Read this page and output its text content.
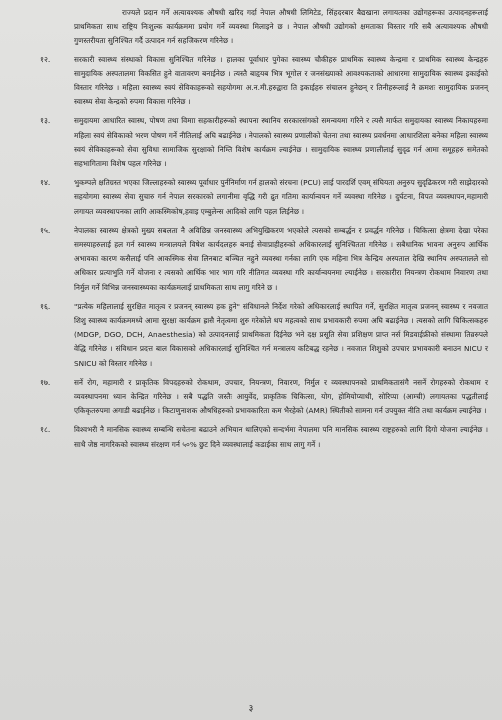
राज्यले प्रदान गर्ने अत्यावश्यक औषधी खरिद गर्दा नेपाल औषधी लिमिटेड, सिंहदरबार बैद्यखाना लगायतका उद्योगहरूका उत्पादनहरूलाई प्राथमिकता साथ राष्ट्रिय निःशुल्क कार्यक्रममा प्रयोग गर्ने व्यवस्था मिलाइने छ । नेपाल औषधी उद्योगको क्षमताका विस्तार गरि सबै अत्यावश्यक औषधी गुणस्तरीयता सुनिश्चित गर्दै उत्पादन गर्न सहजिकरण गरिनेछ ।

१२.	सरकारी स्वास्थ्य संस्थाको विकास सुनिश्चित गरिनेछ । हालका पूर्वाधार पुगेका स्वास्थ्य चौकीहरु प्राथमिक स्वास्थ्य केन्द्रमा र प्राथमिक स्वास्थ्य केन्द्रहरु सामुदायिक अस्पतालमा विकसित हुने वातावरण बनाईनेछ । त्यस्तै बाहृयब भित्र भूगोल र जनसंख्याको आवश्यकताको आधारमा सामुदायिक स्वास्थ्य इकाईको विस्तार गरिनेछ । महिला स्वास्थ्य स्वयं सेविकाहरूको सहयोगमा अ.न.मी.हरुद्वारा ति इकाईहरु संचालन हुनेछन् र तिनीहरूलाई नै क्रमशः सामुदायिक प्रजनन् स्वास्थ्य सेवा केन्द्रको रुपमा विकास गरिनेछ ।

१३.	समुदायमा आधारित स्वास्थ, पोषण तथा विमाा सहकारीहरूको स्थापना स्थानिय सरकारसंगको समन्वयमा गरिने र त्यसै मार्फत समुदायका स्वास्थ्य निकायहरुमा महिला स्वयं सेविकाको भरण पोषण गर्ने नीतिलाई अघि बढाईनेछ । नेपालको स्वास्थ्य प्रणालीको चेतना तथा स्वास्थ्य प्रवर्धनमा आधारशिला बनेका महिला स्वास्थ्य स्वयं सेविकाहरूको सेवा सुविधा सामाजिक सुरक्षाको निम्ति विशेष कार्यक्रम ल्याईनेछ । सामुदायिक स्वास्थ्य प्रणालीलाई सुदृढ गर्न आमा समूहहरु समेतको सहभागितामा विशेष पहल गरिनेछ ।

१४.	भुकम्पले क्षतिग्रस्त भएका जिल्लाहरुको स्वास्थ्य पूर्वाधार पुर्ननिर्माण गर्न हालको संरचना (PCU) लाई पारदर्शि एवम् संघियता अनुरुप सुदृढिकरण गरी साझेदारको सहयोगमा स्वास्थ्य सेवा सुचारु गर्न नेपाल सरकारको लगानीमा वृद्धि गरी द्रुत गतिमा कार्यान्वयन गर्ने व्यवस्था गरिनेछ । दुर्घटना, विपत व्यवस्थापन,महामारी लगायत व्यवस्थापनका लागि आकस्मिकोष,हवाइ एम्बुलेन्स आदिको लागि पहल लिईनेछ ।

१५.	नेपालका स्वास्थ्य क्षेत्रको मुख्य सबलता नै अविछिन्न जनस्वास्थ्य अभियुखिकरण भएकोले त्यसको सम्बर्द्धन र प्रवर्द्धन गरिनेछ । चिकित्सा क्षेत्रमा देखा परेका समस्याहरुलाई हल गर्न स्वास्थ्य मन्त्रालयले विषेश कार्यदलहरु बनाई सेवाप्राहीहरुको अधिकारलाई सुनिश्चितता गरिनेछ । सबैधानिक भावना अनुरुप आर्थिक अभावका कारण कसैलाई पनि आकस्मिक सेवा लिनबाट बञ्चित नहुने व्यवस्था गर्नका लागि एक महिना भित्र केन्द्रिय अस्पताल देखि स्थानिय अस्पतालले सो अधिकार प्रत्याभुति गर्ने योजना र त्यसको आर्थिक भार भाग गरि नीतिगत व्यवस्था गरि कार्यान्वयनमा ल्याईनेछ । सरकारीरा नियन्त्रण रोकथाम निवारण तथा निर्मुल गर्ने विभिन्न जनस्वास्थ्यका कार्यक्रमलाई प्राथमिकता साथ लागु गरिने छ ।

१६.	"प्रत्येक महिलालाई सुरक्षित मातृत्व र प्रजनन् स्वास्थ्य हक हुने" संविधानले निर्देश गरेको अधिकारलाई स्थापित गर्ने, सुरक्षित मातृत्व प्रजनन् स्वास्थ्य र नवजात शिशु स्वास्थ्य कार्यक्रममध्ये आमा सुरक्षा कार्यक्रम ह्रासै नेतृत्वमा शुरु गरेकोले थप महत्वको साथ प्रभावकारी रुपमा अघि बढाईनेछ । त्यसको लागि चिकित्सकहरु (MDGP, DGO, DCH, Anaesthesia) को उत्पादनलाई प्राथमिकता दिईनेछ भने दक्ष प्रसूति सेवा प्रशिक्षण प्राप्त नर्स मिडवाईफ्रीको संस्थामा तिव्ररुपले वेद्धि गरिनेछ । संविधान प्रदत्त बाल विकासको अधिकारलाई सुनिश्चित गर्न मन्त्रालय कटिबद्ध रहनेछ । नवजात शिशुको उपचार प्रभावकारी बनाउन NICU र SNICU को विस्तार गरिनेछ ।

१७.	सर्ने रोग, महामारी र प्राकृतिक विपदहरुको रोकथाम, उपचार, नियन्त्रण, निवारण, निर्मुल र व्यवस्थापनको प्राथमिकतासंगै नसर्ने रोगहरुको रोकथाम र व्यवस्थापनमा ध्यान केन्द्रित गरिनेछ । सबै पद्धति जस्तैः आयुर्वेद, प्राकृतिक चिकित्सा, योग, होमियोप्याथी, सोरिप्पा (आम्ची) लगायतका पद्धतीलाई एकिकृतरुपमा अगाडी बढाईनेछ । किटाणुनाशक औषधिहरुको प्रभावकारिता कम भैरहेको (AMR) स्थितीको सामना गर्न उपयुक्त नीति तथा कार्यक्रम ल्याईनेछ ।

१८.	विश्वभरी नै मानसिक स्वास्थ्य सम्बन्धि सचेतना बढाउने अभियान थालिएको सन्दर्भमा नेपालमा पनि मानसिक स्वास्थ्य राष्ट्रहरुको लागि दिगो योजना ल्याईनेछ । साथै जेष्ठ नागरिकको स्वास्थ्य संरक्षण गर्न ५०% छुट दिने व्यवस्थालाई कडाईका साथ लागु गर्ने ।

३
